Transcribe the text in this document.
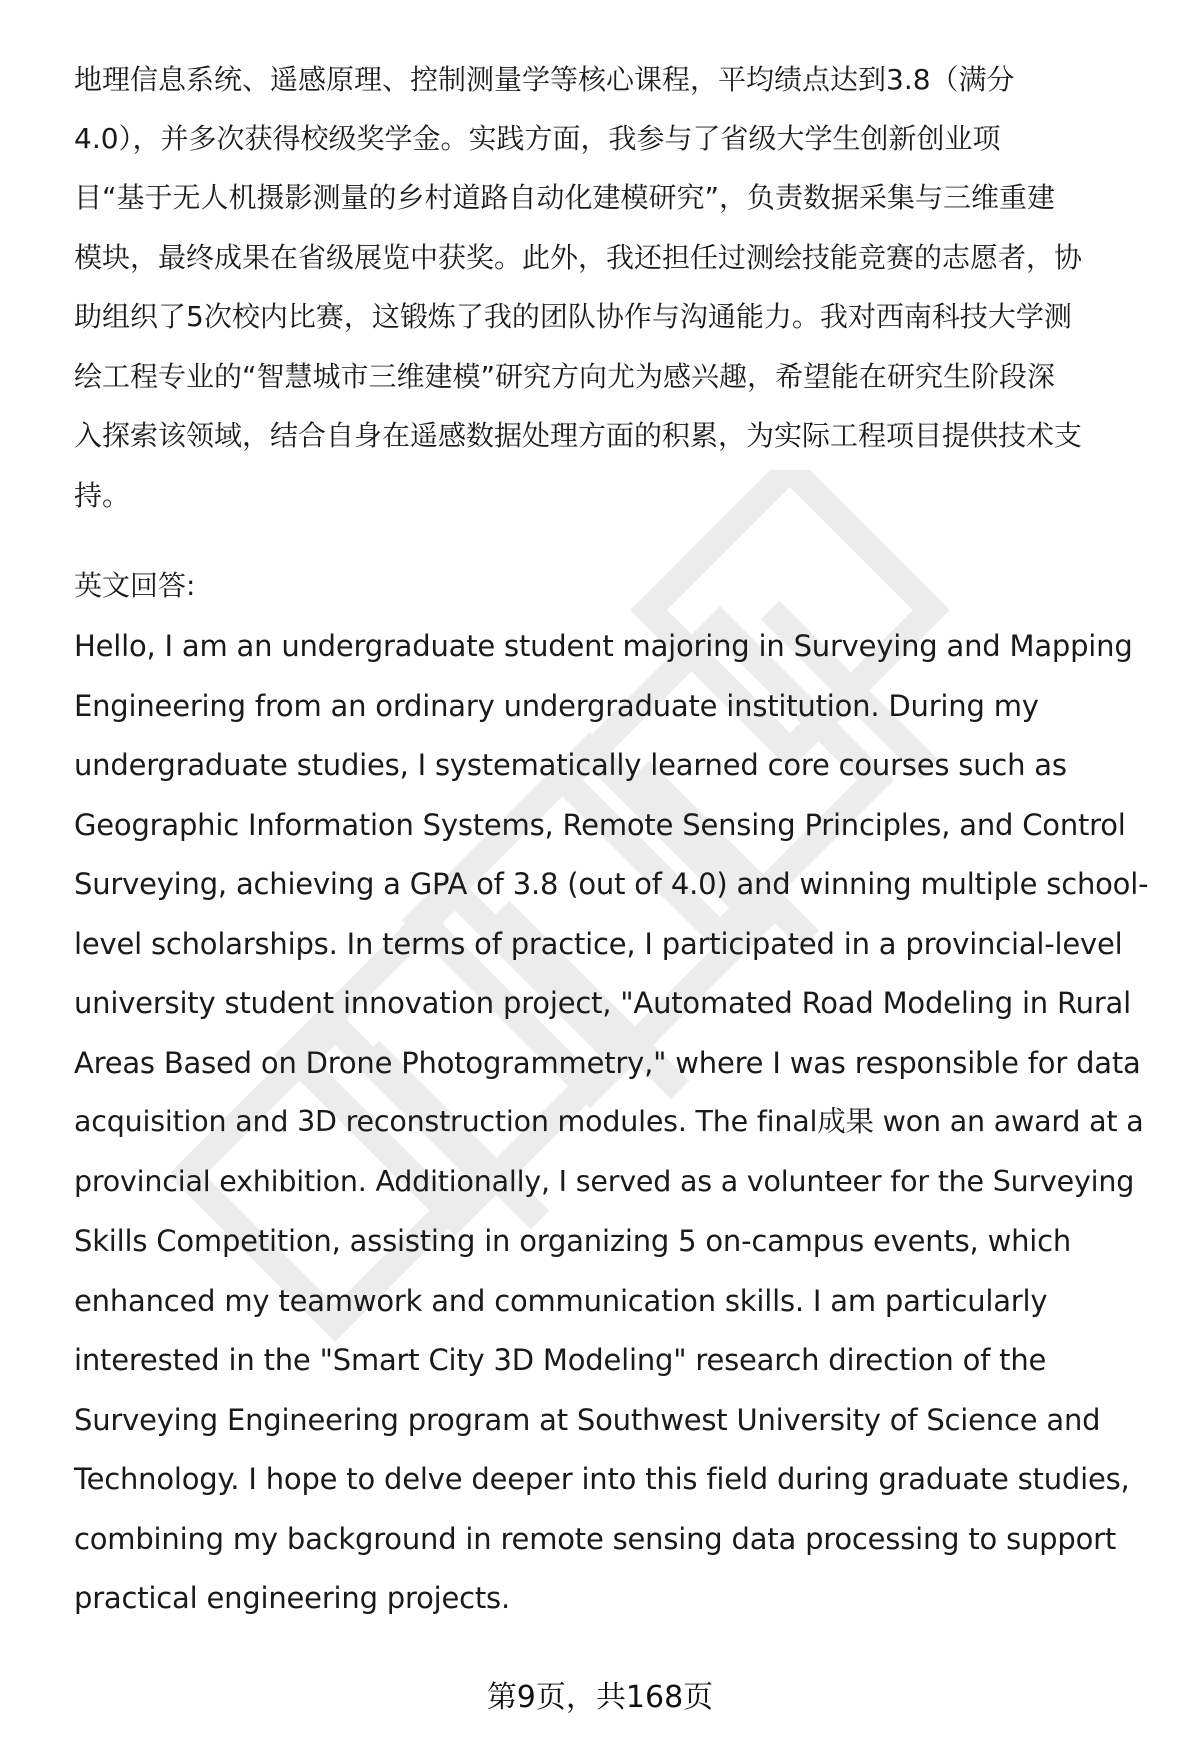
地理信息系统、遥感原理、控制测量学等核心课程，平均绩点达到3.8（满分
4.0），并多次获得校级奖学金。实践方面，我参与了省级大学生创新创业项
目“基于无人机摄影测量的乡村道路自动化建模研究”，负责数据采集与三维重建
模块，最终成果在省级展览中获奖。此外，我还担任过测绘技能竞赛的志愿者，协
助组织了5次校内比赛，这锻炼了我的团队协作与沟通能力。我对西南科技大学测
绘工程专业的“智慧城市三维建模”研究方向尤为感兴趣，希望能在研究生阶段深
入探索该领域，结合自身在遥感数据处理方面的积累，为实际工程项目提供技术支
持。
英文回答:
Hello, I am an undergraduate student majoring in Surveying and Mapping
Engineering from an ordinary undergraduate institution. During my
undergraduate studies, I systematically learned core courses such as
Geographic Information Systems, Remote Sensing Principles, and Control
Surveying, achieving a GPA of 3.8 (out of 4.0) and winning multiple school-
level scholarships. In terms of practice, I participated in a provincial-level
university student innovation project, "Automated Road Modeling in Rural
Areas Based on Drone Photogrammetry," where I was responsible for data
acquisition and 3D reconstruction modules. The final成果 won an award at a
provincial exhibition. Additionally, I served as a volunteer for the Surveying
Skills Competition, assisting in organizing 5 on-campus events, which
enhanced my teamwork and communication skills. I am particularly
interested in the "Smart City 3D Modeling" research direction of the
Surveying Engineering program at Southwest University of Science and
Technology. I hope to delve deeper into this field during graduate studies,
combining my background in remote sensing data processing to support
practical engineering projects.
第9页，共168页
